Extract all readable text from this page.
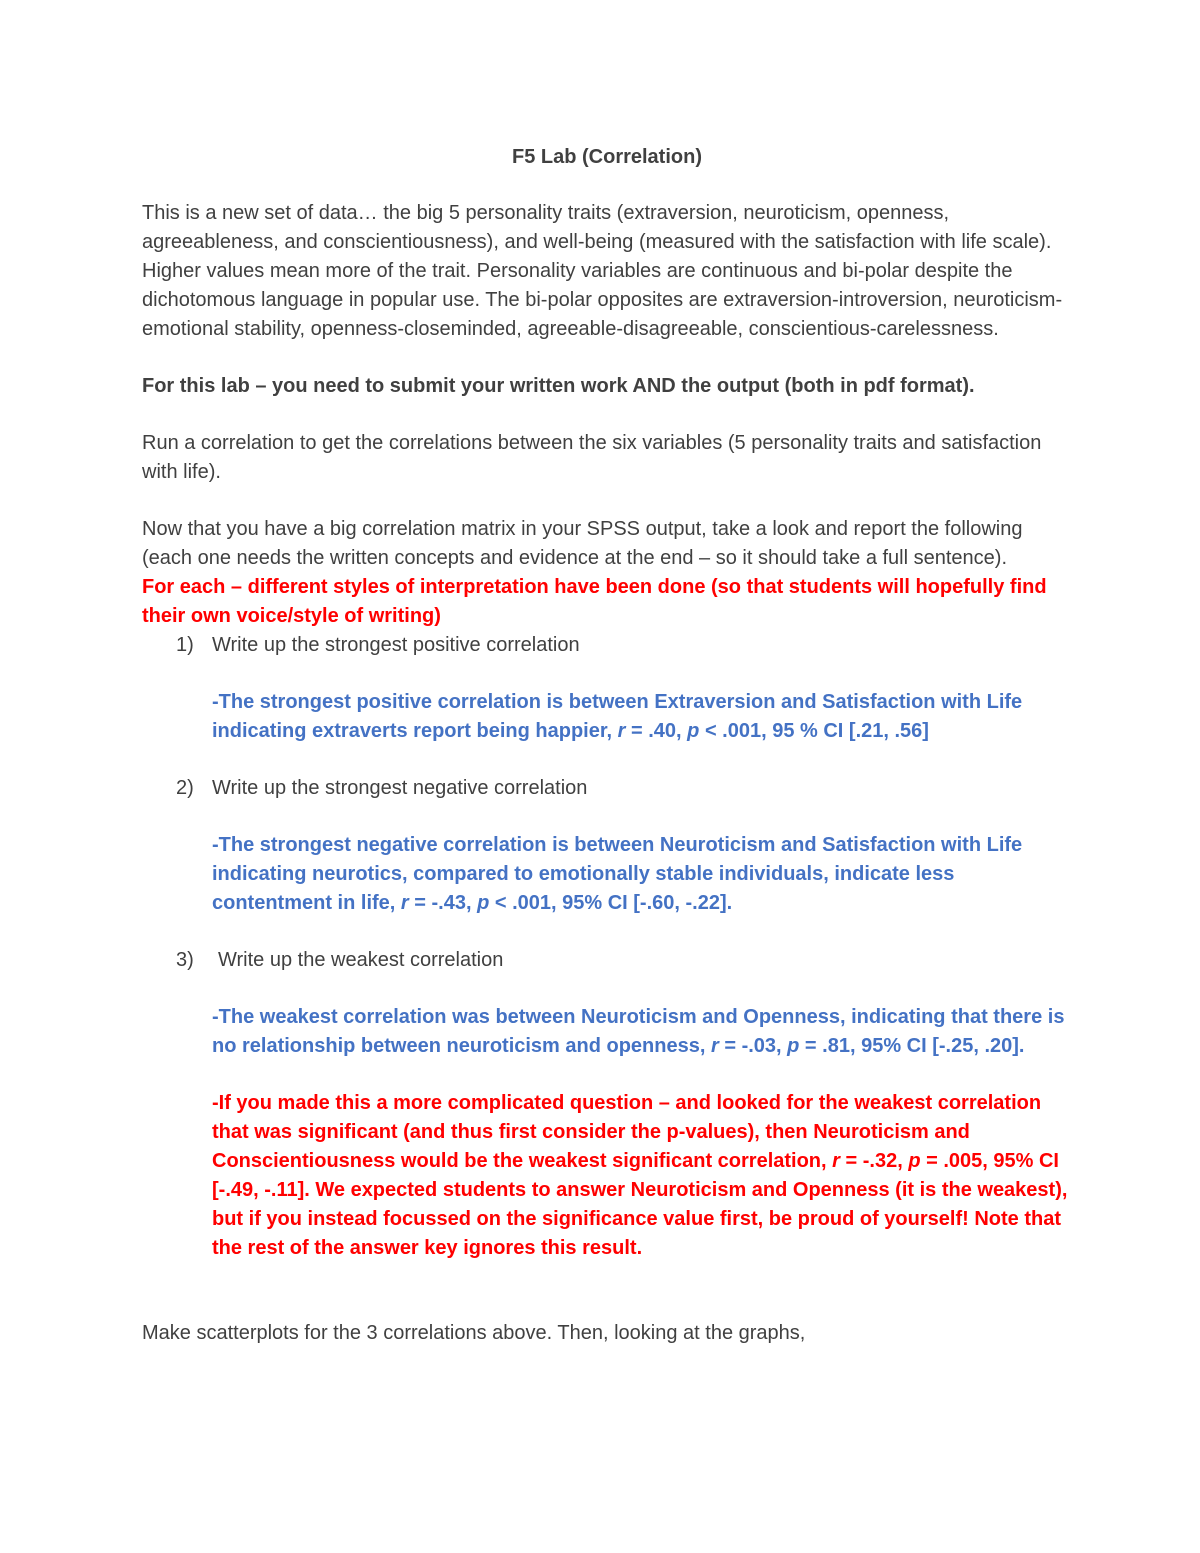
F5 Lab (Correlation)

This is a new set of data… the big 5 personality traits (extraversion, neuroticism, openness, agreeableness, and conscientiousness), and well-being (measured with the satisfaction with life scale). Higher values mean more of the trait. Personality variables are continuous and bi-polar despite the dichotomous language in popular use. The bi-polar opposites are extraversion-introversion, neuroticism-emotional stability, openness-closeminded, agreeable-disagreeable, conscientious-carelessness.

For this lab – you need to submit your written work AND the output (both in pdf format).

Run a correlation to get the correlations between the six variables (5 personality traits and satisfaction with life).

Now that you have a big correlation matrix in your SPSS output, take a look and report the following (each one needs the written concepts and evidence at the end – so it should take a full sentence).

For each – different styles of interpretation have been done (so that students will hopefully find their own voice/style of writing)

1) Write up the strongest positive correlation

-The strongest positive correlation is between Extraversion and Satisfaction with Life indicating extraverts report being happier, r = .40, p < .001, 95 % CI [.21, .56]

2) Write up the strongest negative correlation

-The strongest negative correlation is between Neuroticism and Satisfaction with Life indicating neurotics, compared to emotionally stable individuals, indicate less contentment in life, r = -.43, p < .001, 95% CI [-.60, -.22].

3)	Write up the weakest correlation

-The weakest correlation was between Neuroticism and Openness, indicating that there is no relationship between neuroticism and openness, r = -.03, p = .81, 95% CI [-.25, .20].

-If you made this a more complicated question – and looked for the weakest correlation that was significant (and thus first consider the p-values), then Neuroticism and Conscientiousness would be the weakest significant correlation, r = -.32, p = .005, 95% CI [-.49, -.11]. We expected students to answer Neuroticism and Openness (it is the weakest), but if you instead focussed on the significance value first, be proud of yourself! Note that the rest of the answer key ignores this result.

Make scatterplots for the 3 correlations above. Then, looking at the graphs,
